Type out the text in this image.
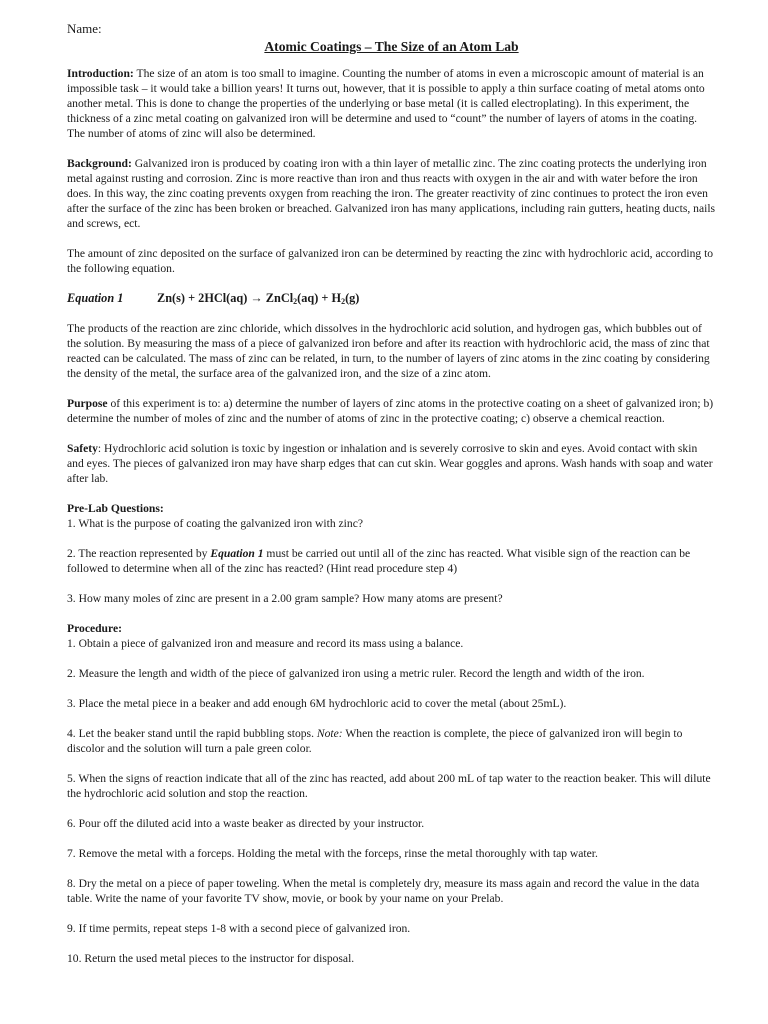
Name:

Atomic Coatings – The Size of an Atom Lab

Introduction: The size of an atom is too small to imagine. Counting the number of atoms in even a microscopic amount of material is an impossible task – it would take a billion years! It turns out, however, that it is possible to apply a thin surface coating of metal atoms onto another metal. This is done to change the properties of the underlying or base metal (it is called electroplating). In this experiment, the thickness of a zinc metal coating on galvanized iron will be determine and used to “count” the number of layers of atoms in the coating. The number of atoms of zinc will also be determined.

Background: Galvanized iron is produced by coating iron with a thin layer of metallic zinc. The zinc coating protects the underlying iron metal against rusting and corrosion. Zinc is more reactive than iron and thus reacts with oxygen in the air and with water before the iron does. In this way, the zinc coating prevents oxygen from reaching the iron. The greater reactivity of zinc continues to protect the iron even after the surface of the zinc has been broken or breached. Galvanized iron has many applications, including rain gutters, heating ducts, nails and screws, ect.

The amount of zinc deposited on the surface of galvanized iron can be determined by reacting the zinc with hydrochloric acid, according to the following equation.

Equation 1	Zn(s) + 2HCl(aq) → ZnCl$_2$(aq) + $H_2(g)$

The products of the reaction are zinc chloride, which dissolves in the hydrochloric acid solution, and hydrogen gas, which bubbles out of the solution. By measuring the mass of a piece of galvanized iron before and after its reaction with hydrochloric acid, the mass of zinc that reacted can be calculated. The mass of zinc can be related, in turn, to the number of layers of zinc atoms in the zinc coating by considering the density of the metal, the surface area of the galvanized iron, and the size of a zinc atom.

Purpose of this experiment is to: a) determine the number of layers of zinc atoms in the protective coating on a sheet of galvanized iron; b) determine the number of moles of zinc and the number of atoms of zinc in the protective coating; c) observe a chemical reaction.

Safety: Hydrochloric acid solution is toxic by ingestion or inhalation and is severely corrosive to skin and eyes. Avoid contact with skin and eyes. The pieces of galvanized iron may have sharp edges that can cut skin. Wear goggles and aprons. Wash hands with soap and water after lab.

Pre-Lab Questions:

1. What is the purpose of coating the galvanized iron with zinc?

2. The reaction represented by Equation 1 must be carried out until all of the zinc has reacted. What visible sign of the reaction can be followed to determine when all of the zinc has reacted? (Hint read procedure step 4)

3. How many moles of zinc are present in a 2.00 gram sample? How many atoms are present?

Procedure:

1. Obtain a piece of galvanized iron and measure and record its mass using a balance.

2. Measure the length and width of the piece of galvanized iron using a metric ruler. Record the length and width of the iron.

3. Place the metal piece in a beaker and add enough 6M hydrochloric acid to cover the metal (about 25mL).

4. Let the beaker stand until the rapid bubbling stops. Note: When the reaction is complete, the piece of galvanized iron will begin to discolor and the solution will turn a pale green color.

5. When the signs of reaction indicate that all of the zinc has reacted, add about 200 mL of tap water to the reaction beaker. This will dilute the hydrochloric acid solution and stop the reaction.

6. Pour off the diluted acid into a waste beaker as directed by your instructor.

7. Remove the metal with a forceps. Holding the metal with the forceps, rinse the metal thoroughly with tap water.

8. Dry the metal on a piece of paper toweling. When the metal is completely dry, measure its mass again and record the value in the data table. Write the name of your favorite TV show, movie, or book by your name on your Prelab.

9. If time permits, repeat steps 1-8 with a second piece of galvanized iron.

10. Return the used metal pieces to the instructor for disposal.
